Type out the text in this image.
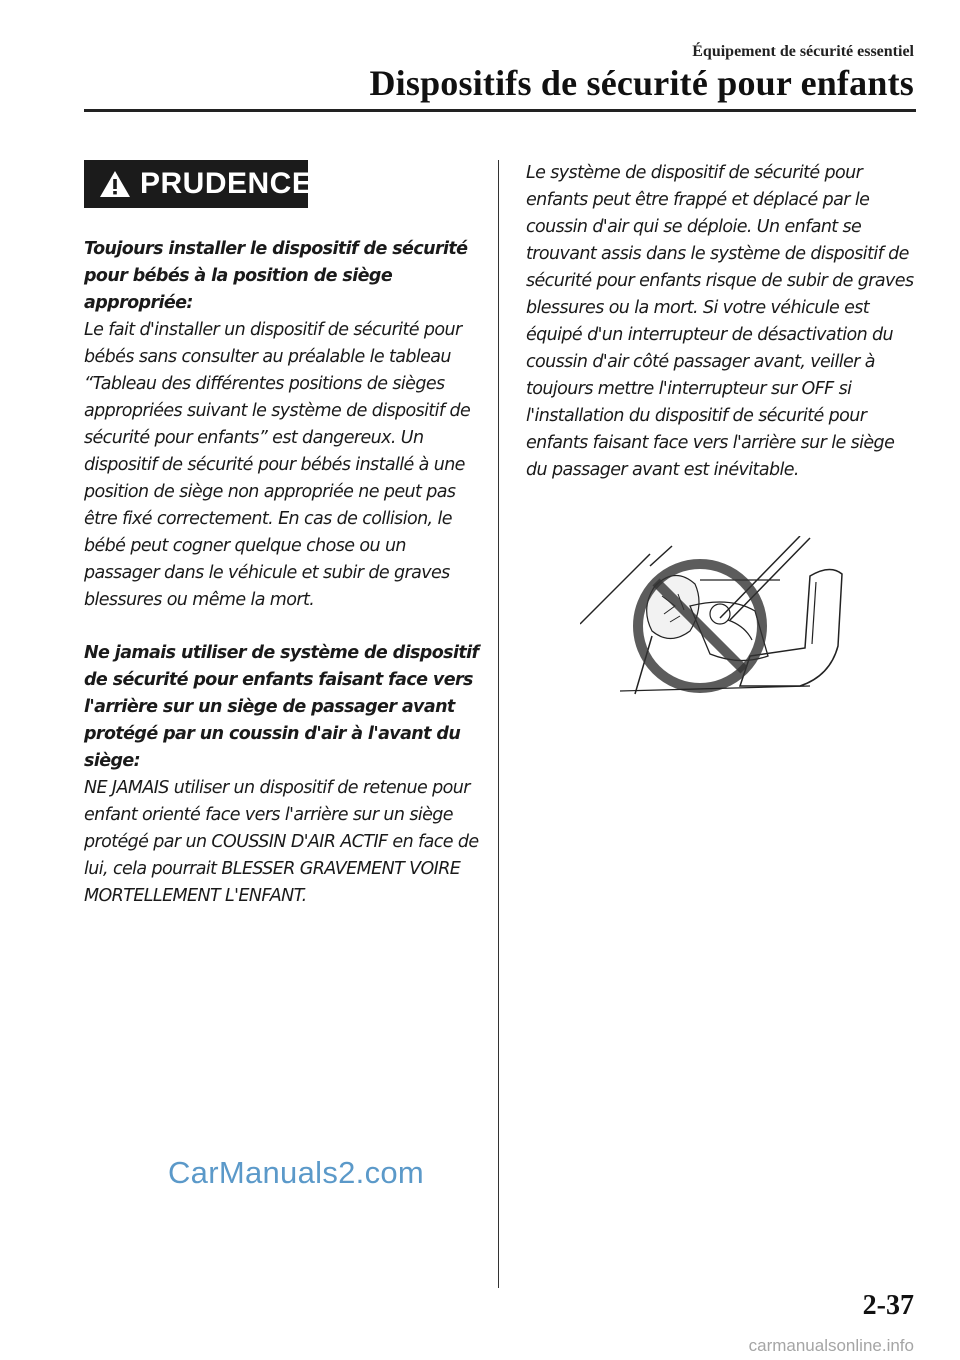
Équipement de sécurité essentiel
Dispositifs de sécurité pour enfants
PRUDENCE

Toujours installer le dispositif de sécurité pour bébés à la position de siège appropriée:

Le fait d'installer un dispositif de sécurité pour bébés sans consulter au préalable le tableau “Tableau des différentes positions de sièges appropriées suivant le système de dispositif de sécurité pour enfants” est dangereux. Un dispositif de sécurité pour bébés installé à une position de siège non appropriée ne peut pas être fixé correctement. En cas de collision, le bébé peut cogner quelque chose ou un passager dans le véhicule et subir de graves blessures ou même la mort.

Ne jamais utiliser de système de dispositif de sécurité pour enfants faisant face vers l'arrière sur un siège de passager avant protégé par un coussin d'air à l'avant du siège:

NE JAMAIS utiliser un dispositif de retenue pour enfant orienté face vers l'arrière sur un siège protégé par un COUSSIN D'AIR ACTIF en face de lui, cela pourrait BLESSER GRAVEMENT VOIRE MORTELLEMENT L'ENFANT.

Le système de dispositif de sécurité pour enfants peut être frappé et déplacé par le coussin d'air qui se déploie. Un enfant se trouvant assis dans le système de dispositif de sécurité pour enfants risque de subir de graves blessures ou la mort. Si votre véhicule est équipé d'un interrupteur de désactivation du coussin d'air côté passager avant, veiller à toujours mettre l'interrupteur sur OFF si l'installation du dispositif de sécurité pour enfants faisant face vers l'arrière sur le siège du passager avant est inévitable.

CarManuals2.com
2-37
carmanualsonline.info
